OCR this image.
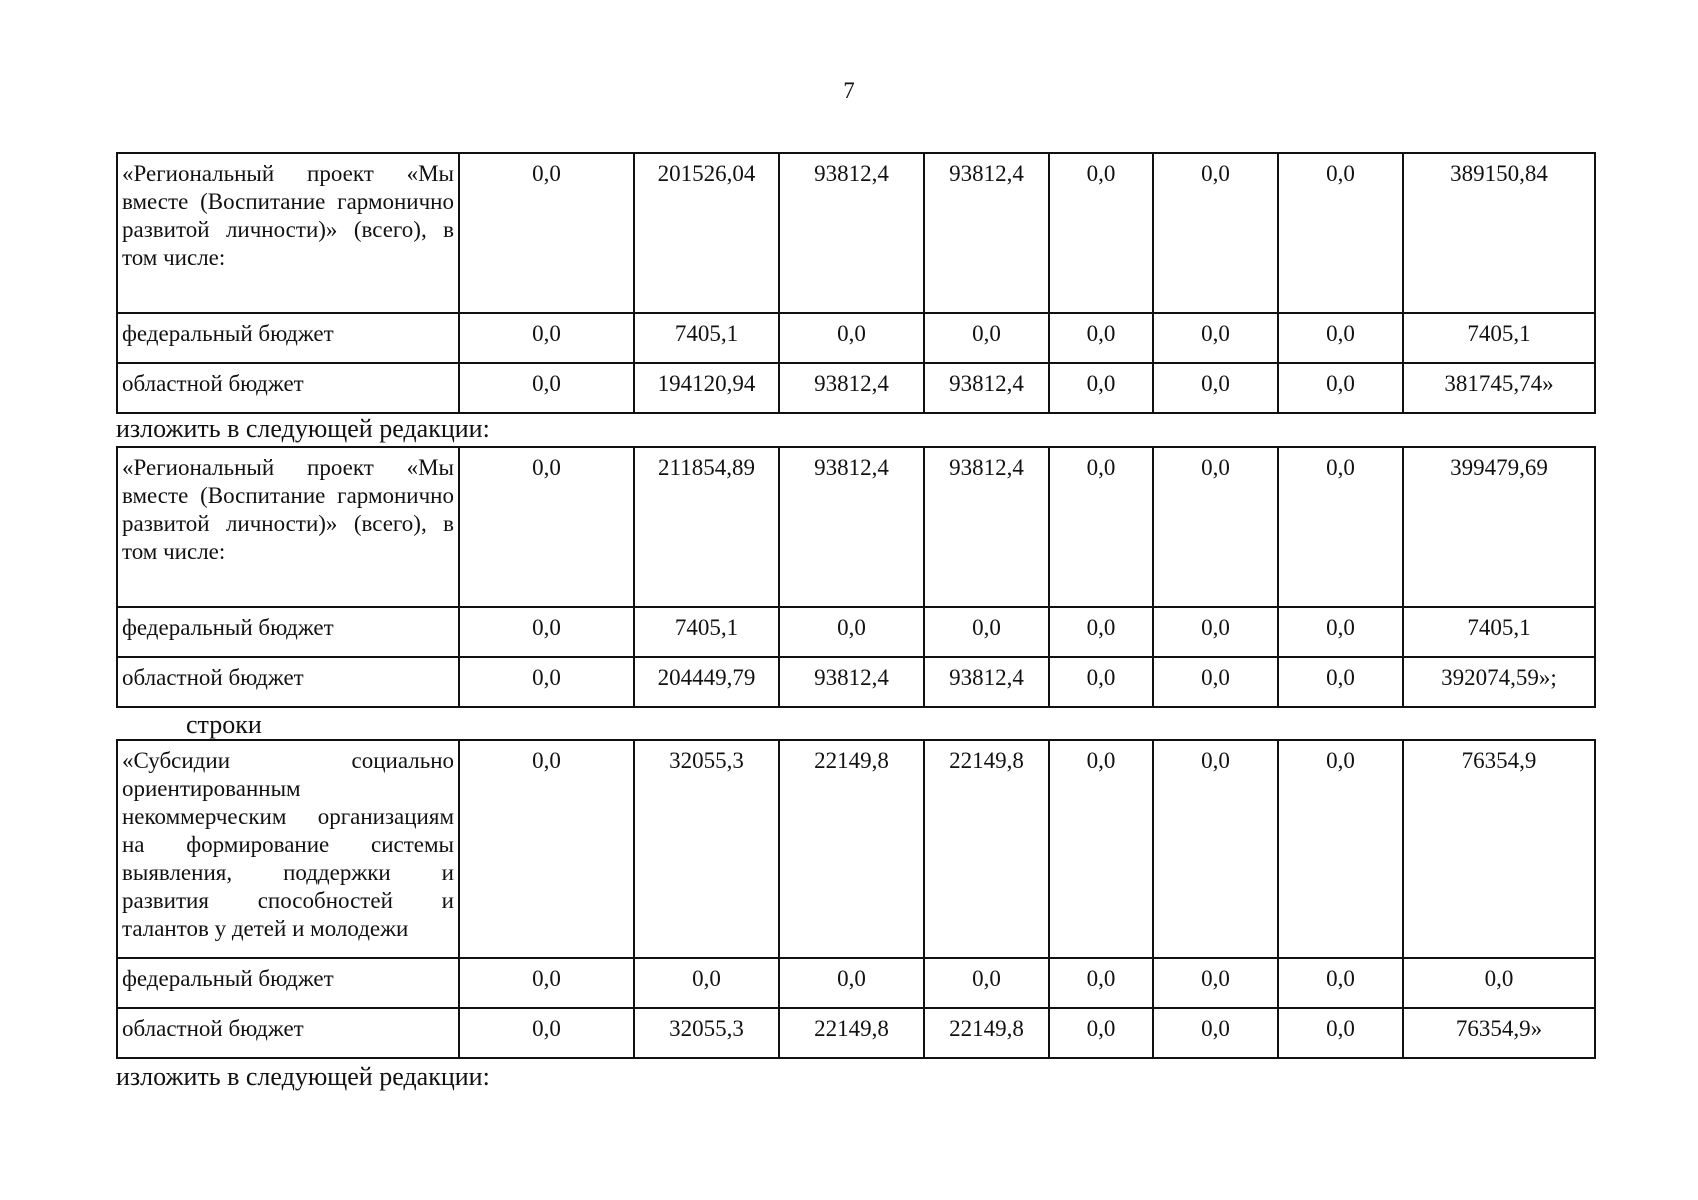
7
«Региональный проект «Мы вместе (Воспитание гармонично развитой личности)» (всего), в том числе:	0,0	201526,04	93812,4	93812,4	0,0	0,0	0,0	389150,84
федеральный бюджет	0,0	7405,1	0,0	0,0	0,0	0,0	0,0	7405,1
областной бюджет	0,0	194120,94	93812,4	93812,4	0,0	0,0	0,0	381745,74»
изложить в следующей редакции:
«Региональный проект «Мы вместе (Воспитание гармонично развитой личности)» (всего), в том числе:	0,0	211854,89	93812,4	93812,4	0,0	0,0	0,0	399479,69
федеральный бюджет	0,0	7405,1	0,0	0,0	0,0	0,0	0,0	7405,1
областной бюджет	0,0	204449,79	93812,4	93812,4	0,0	0,0	0,0	392074,59»;
строки
«Субсидии социально ориентированным некоммерческим организациям на формирование системы выявления, поддержки и развития способностей и талантов у детей и молодежи	0,0	32055,3	22149,8	22149,8	0,0	0,0	0,0	76354,9
федеральный бюджет	0,0	0,0	0,0	0,0	0,0	0,0	0,0	0,0
областной бюджет	0,0	32055,3	22149,8	22149,8	0,0	0,0	0,0	76354,9»
изложить в следующей редакции:
